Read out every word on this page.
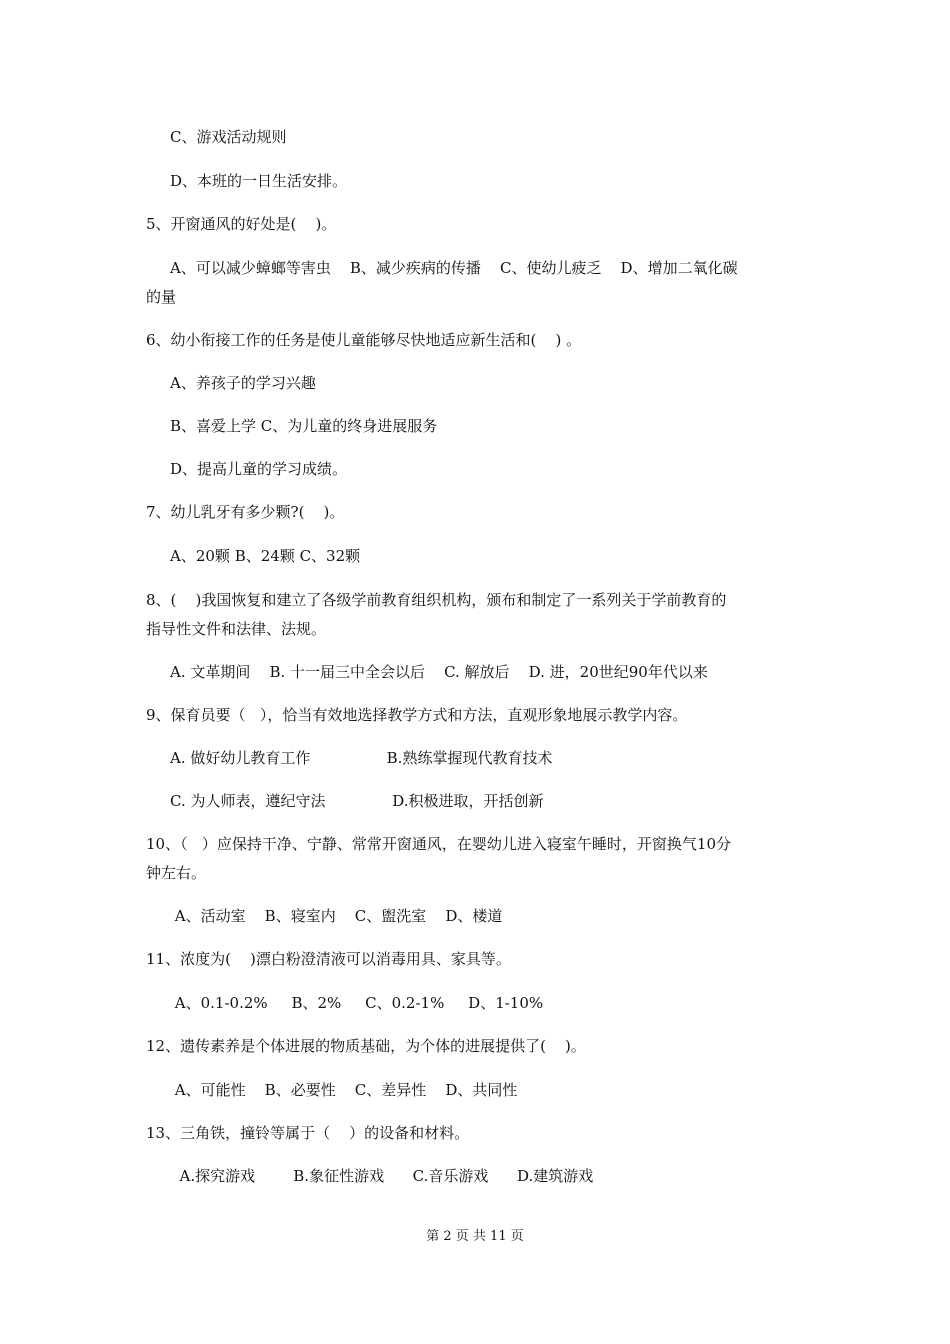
C、游戏活动规则
D、本班的一日生活安排。
5、开窗通风的好处是(    )。
A、可以减少蟑螂等害虫    B、减少疾病的传播    C、使幼儿疲乏    D、增加二氧化碳
的量
6、幼小衔接工作的任务是使儿童能够尽快地适应新生活和(    ) 。
A、养孩子的学习兴趣
B、喜爱上学 C、为儿童的终身进展服务
D、提高儿童的学习成绩。
7、幼儿乳牙有多少颗?(    )。
A、20颗 B、24颗 C、32颗
8、(    )我国恢复和建立了各级学前教育组织机构，颁布和制定了一系列关于学前教育的
指导性文件和法律、法规。
A. 文革期间    B. 十一届三中全会以后    C. 解放后    D. 进，20世纪90年代以来
9、保育员要（   ），恰当有效地选择教学方式和方法，直观形象地展示教学内容。
A. 做好幼儿教育工作                B.熟练掌握现代教育技术
C. 为人师表，遵纪守法              D.积极进取，开括创新
10、（   ）应保持干净、宁静、常常开窗通风，在婴幼儿进入寝室午睡时，开窗换气10分
钟左右。
A、活动室    B、寝室内    C、盥洗室    D、楼道
11、浓度为(    )漂白粉澄清液可以消毒用具、家具等。
A、0.1-0.2%     B、2%     C、0.2-1%     D、1-10%
12、遗传素养是个体进展的物质基础，为个体的进展提供了(    )。
A、可能性    B、必要性    C、差异性    D、共同性
13、三角铁，撞铃等属于（    ）的设备和材料。
A.探究游戏        B.象征性游戏      C.音乐游戏      D.建筑游戏
第 2 页 共 11 页
